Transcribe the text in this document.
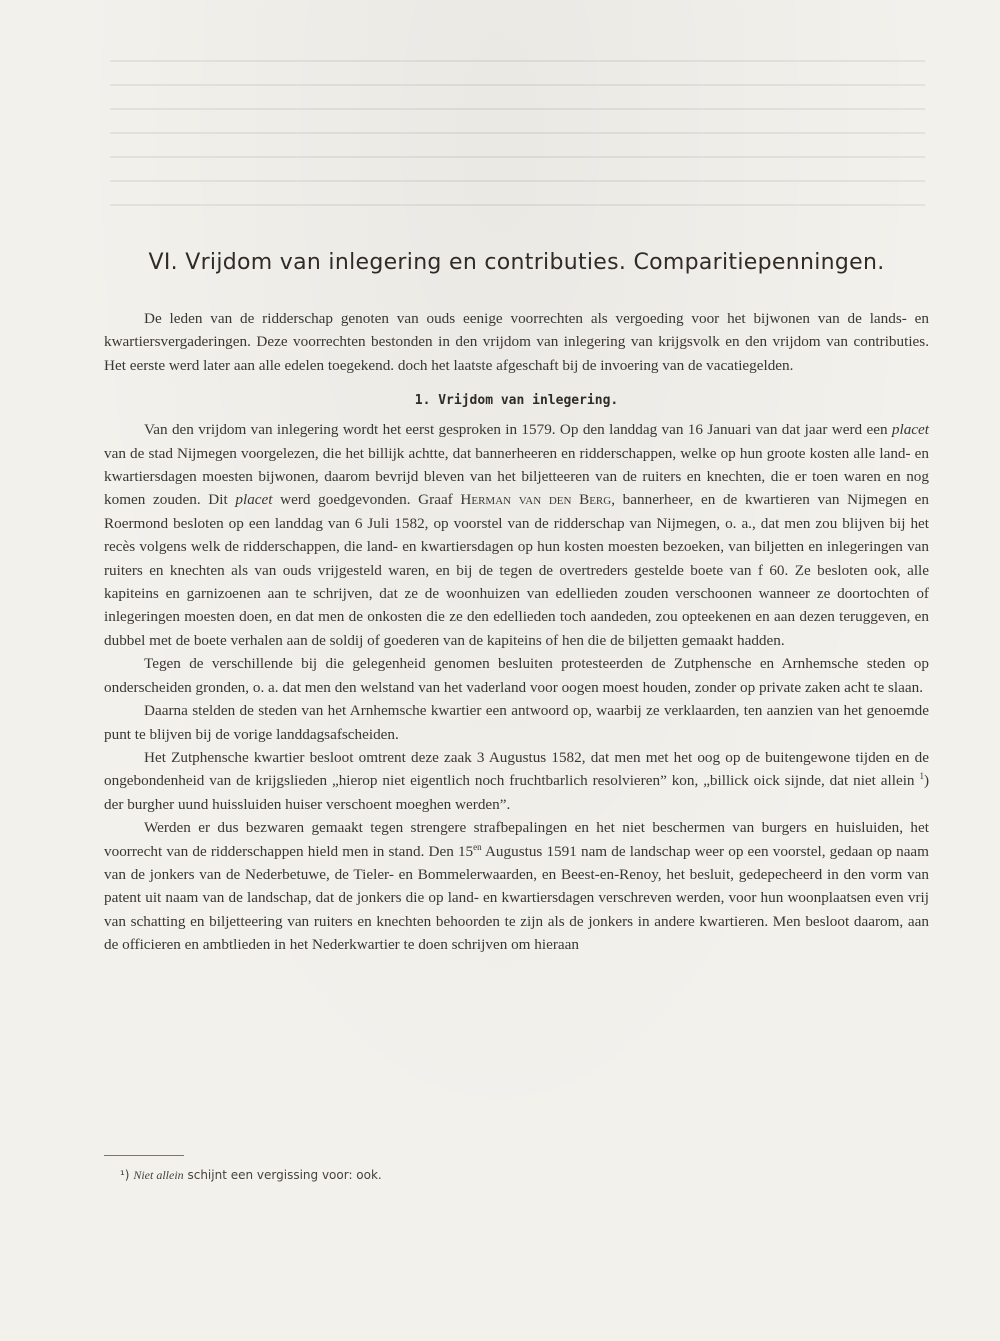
VI. Vrijdom van inlegering en contributies. Comparitiepenningen.

De leden van de ridderschap genoten van ouds eenige voorrechten als vergoeding voor het bijwonen van de lands- en kwartiersvergaderingen. Deze voorrechten bestonden in den vrijdom van inlegering van krijgsvolk en den vrijdom van contributies. Het eerste werd later aan alle edelen toegekend. doch het laatste afgeschaft bij de invoering van de vacatiegelden.

1. Vrijdom van inlegering.

Van den vrijdom van inlegering wordt het eerst gesproken in 1579. Op den landdag van 16 Januari van dat jaar werd een placet van de stad Nijmegen voorgelezen, die het billijk achtte, dat bannerheeren en ridderschappen, welke op hun groote kosten alle land- en kwartiersdagen moesten bijwonen, daarom bevrijd bleven van het biljetteeren van de ruiters en knechten, die er toen waren en nog komen zouden. Dit placet werd goedgevonden. Graaf Herman van den Berg, bannerheer, en de kwartieren van Nijmegen en Roermond besloten op een landdag van 6 Juli 1582, op voorstel van de ridderschap van Nijmegen, o. a., dat men zou blijven bij het recès volgens welk de ridderschappen, die land- en kwartiersdagen op hun kosten moesten bezoeken, van biljetten en inlegeringen van ruiters en knechten als van ouds vrijgesteld waren, en bij de tegen de overtreders gestelde boete van f 60. Ze besloten ook, alle kapiteins en garnizoenen aan te schrijven, dat ze de woonhuizen van edellieden zouden verschoonen wanneer ze doortochten of inlegeringen moesten doen, en dat men de onkosten die ze den edellieden toch aandeden, zou opteekenen en aan dezen teruggeven, en dubbel met de boete verhalen aan de soldij of goederen van de kapiteins of hen die de biljetten gemaakt hadden.

Tegen de verschillende bij die gelegenheid genomen besluiten protesteerden de Zutphensche en Arnhemsche steden op onderscheiden gronden, o. a. dat men den welstand van het vaderland voor oogen moest houden, zonder op private zaken acht te slaan.

Daarna stelden de steden van het Arnhemsche kwartier een antwoord op, waarbij ze verklaarden, ten aanzien van het genoemde punt te blijven bij de vorige landdagsafscheiden.

Het Zutphensche kwartier besloot omtrent deze zaak 3 Augustus 1582, dat men met het oog op de buitengewone tijden en de ongebondenheid van de krijgslieden „hierop niet eigentlich noch fruchtbarlich resolvieren” kon, „billick oick sijnde, dat niet allein $^1$) der burgher uund huissluiden huiser verschoent moeghen werden”.

Werden er dus bezwaren gemaakt tegen strengere strafbepalingen en het niet beschermen van burgers en huisluiden, het voorrecht van de ridderschappen hield men in stand. Den $15^{en}$ Augustus 1591 nam de landschap weer op een voorstel, gedaan op naam van de jonkers van de Nederbetuwe, de Tieler- en Bommelerwaarden, en Beest-en-Renoy, het besluit, gedepecheerd in den vorm van patent uit naam van de landschap, dat de jonkers die op land- en kwartiersdagen verschreven werden, voor hun woonplaatsen even vrij van schatting en biljetteering van ruiters en knechten behoorden te zijn als de jonkers in andere kwartieren. Men besloot daarom, aan de officieren en ambtlieden in het Nederkwartier te doen schrijven om hieraan

¹) Niet allein schijnt een vergissing voor: ook.
